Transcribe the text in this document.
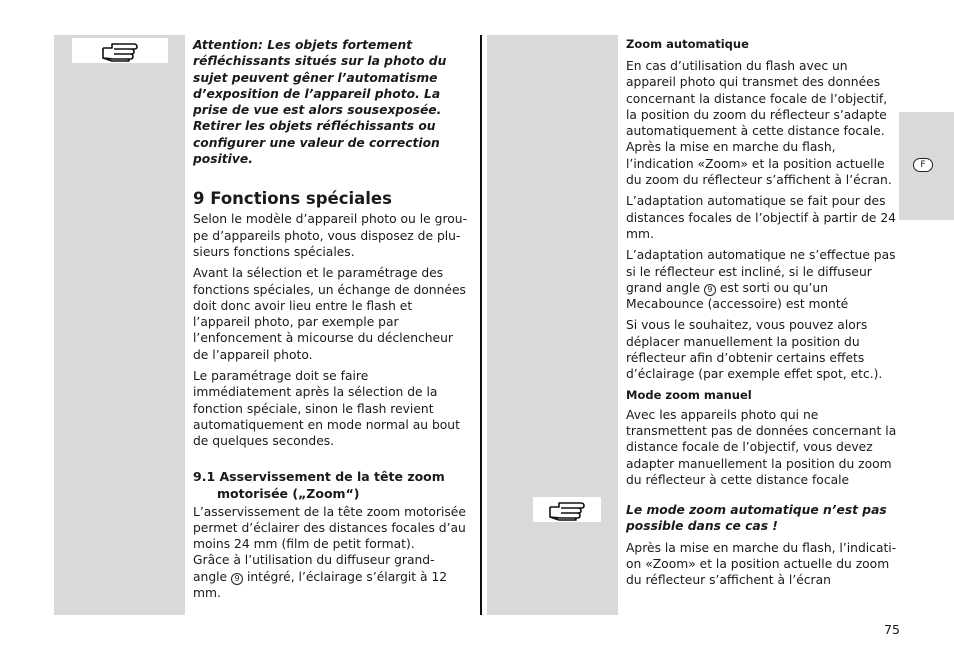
Attention: Les objets fortement réfléchissants situés sur la photo du sujet peuvent gêner l’automatisme d’exposition de l’appareil photo. La prise de vue est alors sousexposée. Retirer les objets réfléchissants ou configurer une valeur de correction positive.

9 Fonctions spéciales

Selon le modèle d’appareil photo ou le groupe d’appareils photo, vous disposez de plusieurs fonctions spéciales.

Avant la sélection et le paramétrage des fonctions spéciales, un échange de données doit donc avoir lieu entre le flash et l’appareil photo, par exemple par l’enfoncement à micourse du déclencheur de l’appareil photo.

Le paramétrage doit se faire immédiatement après la sélection de la fonction spéciale, sinon le flash revient automatiquement en mode normal au bout de quelques secondes.

9.1 Asservissement de la tête zoom
motorisée („Zoom“)

L’asservissement de la tête zoom motorisée permet d’éclairer des distances focales d’au moins 24 mm (film de petit format).
Grâce à l’utilisation du diffuseur grand-angle 9 intégré, l’éclairage s’élargit à 12 mm.

Zoom automatique

En cas d’utilisation du flash avec un appareil photo qui transmet des données concernant la distance focale de l’objectif, la position du zoom du réflecteur s’adapte automatiquement à cette distance focale. Après la mise en marche du flash, l’indication «Zoom» et la position actuelle du zoom du réflecteur s’affichent à l’écran.

L’adaptation automatique se fait pour des distances focales de l’objectif à partir de 24 mm.

L’adaptation automatique ne s’effectue pas si le réflecteur est incliné, si le diffuseur grand angle 9 est sorti ou qu’un Mecabounce (accessoire) est monté

Si vous le souhaitez, vous pouvez alors déplacer manuellement la position du réflecteur afin d’obtenir certains effets d’éclairage (par exemple effet spot, etc.).

Mode zoom manuel

Avec les appareils photo qui ne transmettent pas de données concernant la distance focale de l’objectif, vous devez adapter manuellement la position du zoom du réflecteur à cette distance focale

Le mode zoom automatique n’est pas possible dans ce cas !

Après la mise en marche du flash, l’indication «Zoom» et la position actuelle du zoom du réflecteur s’affichent à l’écran

F
75
